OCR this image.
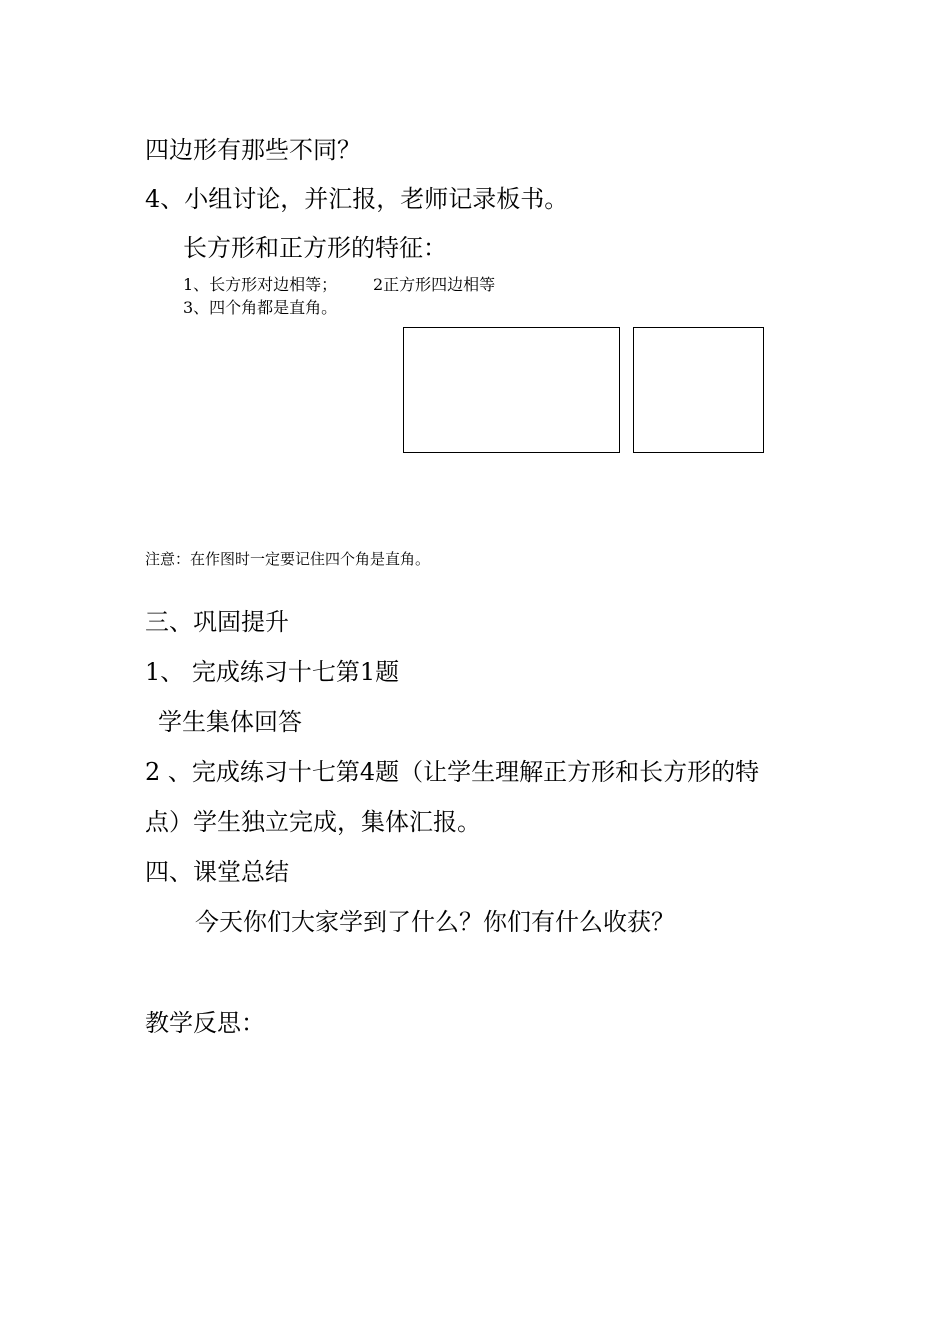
四边形有那些不同？
4、小组讨论，并汇报，老师记录板书。
长方形和正方形的特征：
1、长方形对边相等； 2正方形四边相等
3、四个角都是直角。
注意：在作图时一定要记住四个角是直角。
三、巩固提升
1、 完成练习十七第1题
学生集体回答
2 、完成练习十七第4题（让学生理解正方形和长方形的特
点）学生独立完成，集体汇报。
四、课堂总结
今天你们大家学到了什么？你们有什么收获？
教学反思：
